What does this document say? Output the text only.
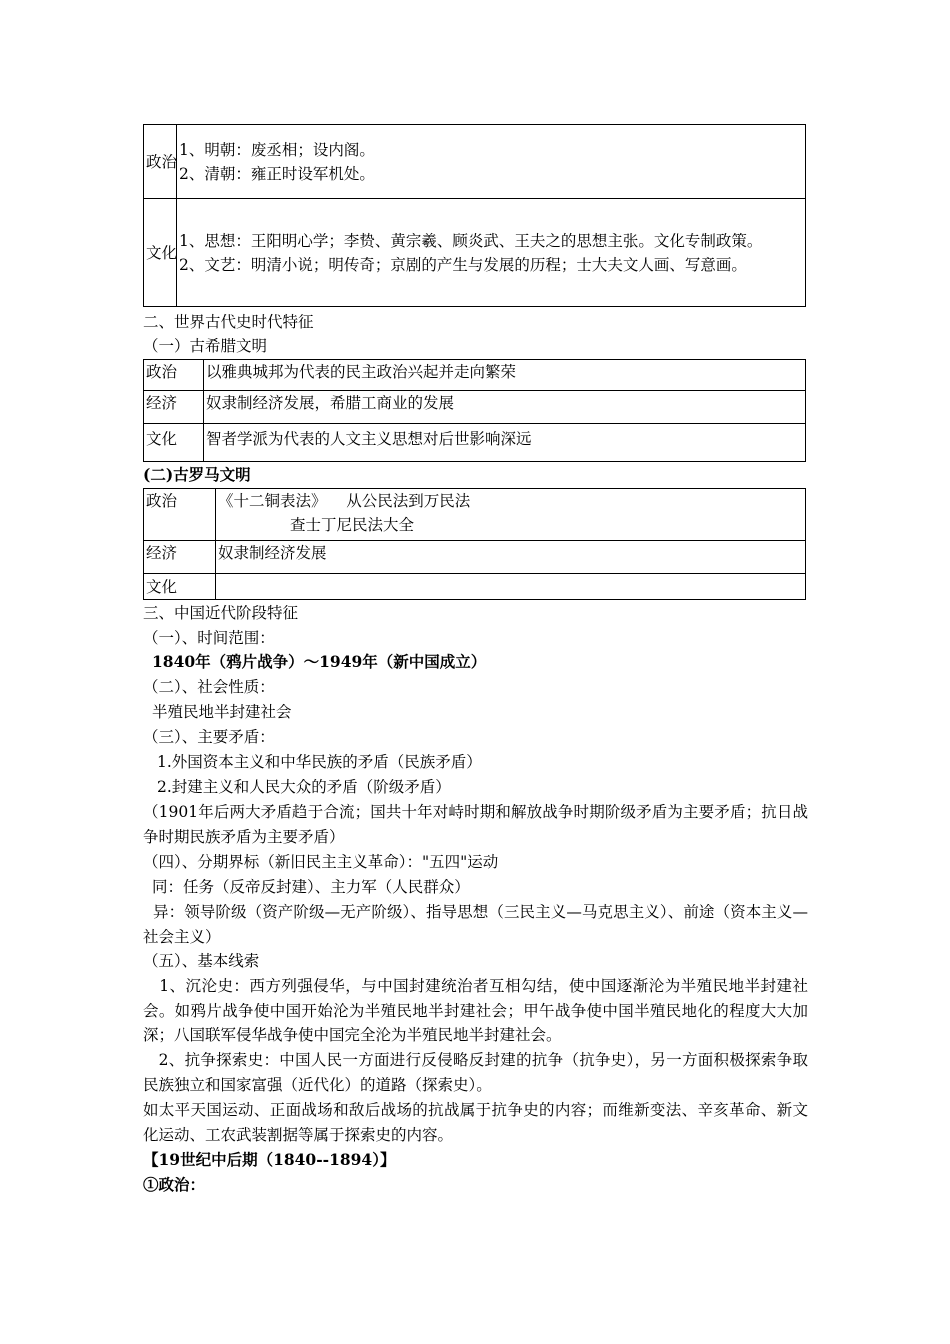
政治	1、明朝：废丞相；设内阁。
2、清朝：雍正时设军机处。

文化	1、思想：王阳明心学；李贽、黄宗羲、顾炎武、王夫之的思想主张。文化专制政策。
2、文艺：明清小说；明传奇；京剧的产生与发展的历程；士大夫文人画、写意画。
二、世界古代史时代特征
（一）古希腊文明
政治	以雅典城邦为代表的民主政治兴起并走向繁荣
经济	奴隶制经济发展，希腊工商业的发展
文化	智者学派为代表的人文主义思想对后世影响深远
(二)古罗马文明
政治	《十二铜表法》    从公民法到万民法
查士丁尼民法大全

经济	奴隶制经济发展
文化	
三、中国近代阶段特征
（一）、时间范围：
1840年（鸦片战争）～1949年（新中国成立）
（二）、社会性质：
半殖民地半封建社会
（三）、主要矛盾：
1.外国资本主义和中华民族的矛盾（民族矛盾）
2.封建主义和人民大众的矛盾（阶级矛盾）
（1901年后两大矛盾趋于合流；国共十年对峙时期和解放战争时期阶级矛盾为主要矛盾；抗日战争时期民族矛盾为主要矛盾）
（四）、分期界标（新旧民主主义革命）："五四"运动
同：任务（反帝反封建）、主力军（人民群众）
异：领导阶级（资产阶级—无产阶级）、指导思想（三民主义—马克思主义）、前途（资本主义—社会主义）
（五）、基本线索
1、沉沦史：西方列强侵华，与中国封建统治者互相勾结，使中国逐渐沦为半殖民地半封建社会。如鸦片战争使中国开始沦为半殖民地半封建社会；甲午战争使中国半殖民地化的程度大大加深；八国联军侵华战争使中国完全沦为半殖民地半封建社会。
2、抗争探索史：中国人民一方面进行反侵略反封建的抗争（抗争史），另一方面积极探索争取民族独立和国家富强（近代化）的道路（探索史）。
如太平天国运动、正面战场和敌后战场的抗战属于抗争史的内容；而维新变法、辛亥革命、新文化运动、工农武装割据等属于探索史的内容。
【19世纪中后期（1840--1894）】
①政治：
